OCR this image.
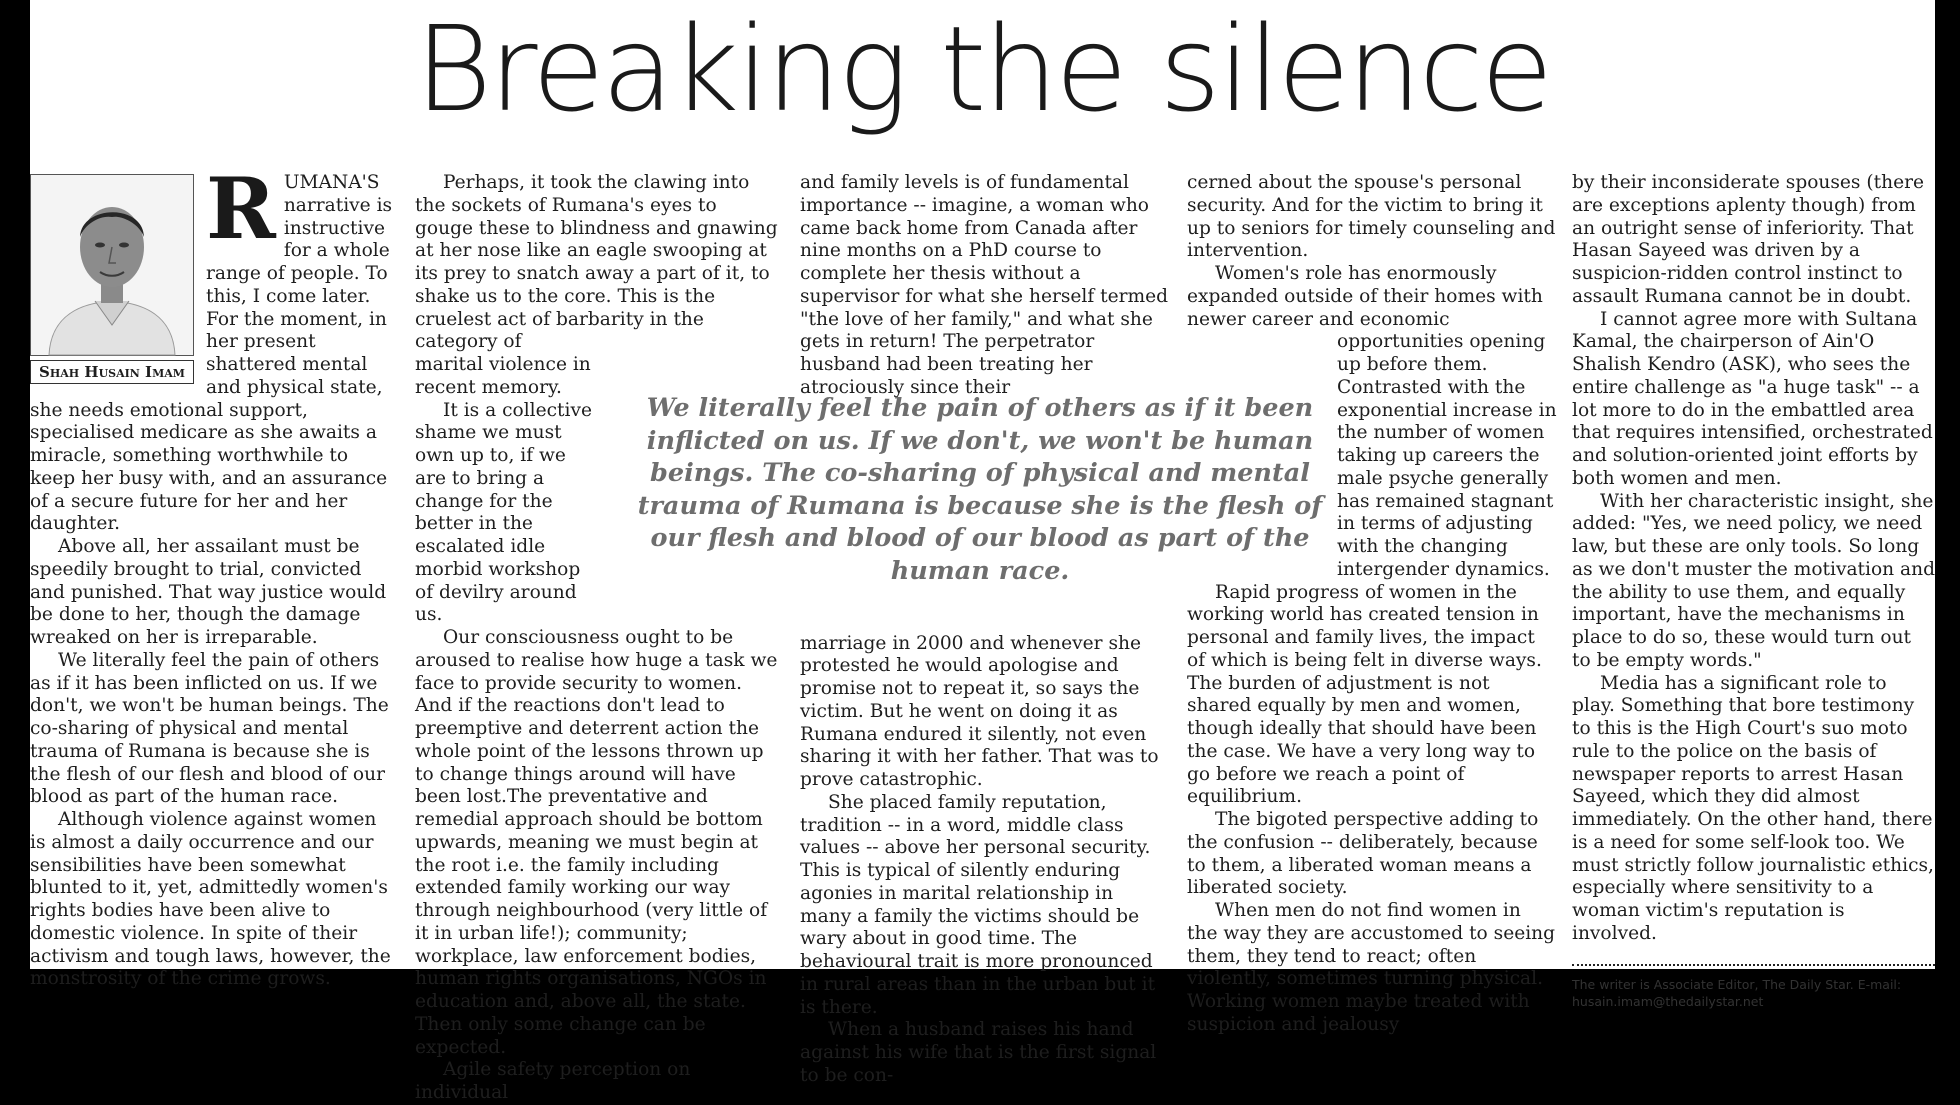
Breaking the silence
Shah Husain Imam
R UMANA'S narrative is instructive for a whole range of people. To this, I come later. For the moment, in her present shattered mental and physical state, she needs emotional support, specialised medicare as she awaits a miracle, something worthwhile to keep her busy with, and an assurance of a secure future for her and her daughter.

Above all, her assailant must be speedily brought to trial, convicted and punished. That way justice would be done to her, though the damage wreaked on her is irreparable.

We literally feel the pain of others as if it has been inflicted on us. If we don't, we won't be human beings. The co-sharing of physical and mental trauma of Rumana is because she is the flesh of our flesh and blood of our blood as part of the human race.

Although violence against women is almost a daily occurrence and our sensibilities have been somewhat blunted to it, yet, admittedly women's rights bodies have been alive to domestic violence. In spite of their activism and tough laws, however, the monstrosity of the crime grows.

Perhaps, it took the clawing into the sockets of Rumana's eyes to gouge these to blindness and gnawing at her nose like an eagle swooping at its prey to snatch away a part of it, to shake us to the core. This is the cruelest act of barbarity in the category of marital violence in recent memory.

It is a collective shame we must own up to, if we are to bring a change for the better in the escalated idle morbid workshop of devilry around us.

Our consciousness ought to be aroused to realise how huge a task we face to provide security to women. And if the reactions don't lead to preemptive and deterrent action the whole point of the lessons thrown up to change things around will have been lost.The preventative and remedial approach should be bottom upwards, meaning we must begin at the root i.e. the family including extended family working our way through neighbourhood (very little of it in urban life!); community; workplace, law enforcement bodies, human rights organisations, NGOs in education and, above all, the state. Then only some change can be expected.

Agile safety perception on individual

and family levels is of fundamental importance -- imagine, a woman who came back home from Canada after nine months on a PhD course to complete her thesis without a supervisor for what she herself termed "the love of her family," and what she gets in return! The perpetrator husband had been treating her atrociously since their

marriage in 2000 and whenever she protested he would apologise and promise not to repeat it, so says the victim. But he went on doing it as Rumana endured it silently, not even sharing it with her father. That was to prove catastrophic.

She placed family reputation, tradition -- in a word, middle class values -- above her personal security. This is typical of silently enduring agonies in marital relationship in many a family the victims should be wary about in good time. The behavioural trait is more pronounced in rural areas than in the urban but it is there.

When a husband raises his hand against his wife that is the first signal to be con-

cerned about the spouse's personal security. And for the victim to bring it up to seniors for timely counseling and intervention.

Women's role has enormously expanded outside of their homes with newer career and economic opportunities opening up before them. Contrasted with the exponential increase in the number of women taking up careers the male psyche generally has remained stagnant in terms of adjusting with the changing intergender dynamics.

Rapid progress of women in the working world has created tension in personal and family lives, the impact of which is being felt in diverse ways. The burden of adjustment is not shared equally by men and women, though ideally that should have been the case. We have a very long way to go before we reach a point of equilibrium.

The bigoted perspective adding to the confusion -- deliberately, because to them, a liberated woman means a liberated society.

When men do not find women in the way they are accustomed to seeing them, they tend to react; often violently, sometimes turning physical. Working women maybe treated with suspicion and jealousy

by their inconsiderate spouses (there are exceptions aplenty though) from an outright sense of inferiority. That Hasan Sayeed was driven by a suspicion-ridden control instinct to assault Rumana cannot be in doubt.

I cannot agree more with Sultana Kamal, the chairperson of Ain'O Shalish Kendro (ASK), who sees the entire challenge as "a huge task" -- a lot more to do in the embattled area that requires intensified, orchestrated and solution-oriented joint efforts by both women and men.

With her characteristic insight, she added: "Yes, we need policy, we need law, but these are only tools. So long as we don't muster the motivation and the ability to use them, and equally important, have the mechanisms in place to do so, these would turn out to be empty words."

Media has a significant role to play. Something that bore testimony to this is the High Court's suo moto rule to the police on the basis of newspaper reports to arrest Hasan Sayeed, which they did almost immediately. On the other hand, there is a need for some self-look too. We must strictly follow journalistic ethics, especially where sensitivity to a woman victim's reputation is involved.

The writer is Associate Editor, The Daily Star. E-mail: husain.imam@thedailystar.net

We literally feel the pain of others as if it been inflicted on us. If we don't, we won't be human beings. The co-sharing of physical and mental trauma of Rumana is because she is the flesh of our flesh and blood of our blood as part of the human race.
